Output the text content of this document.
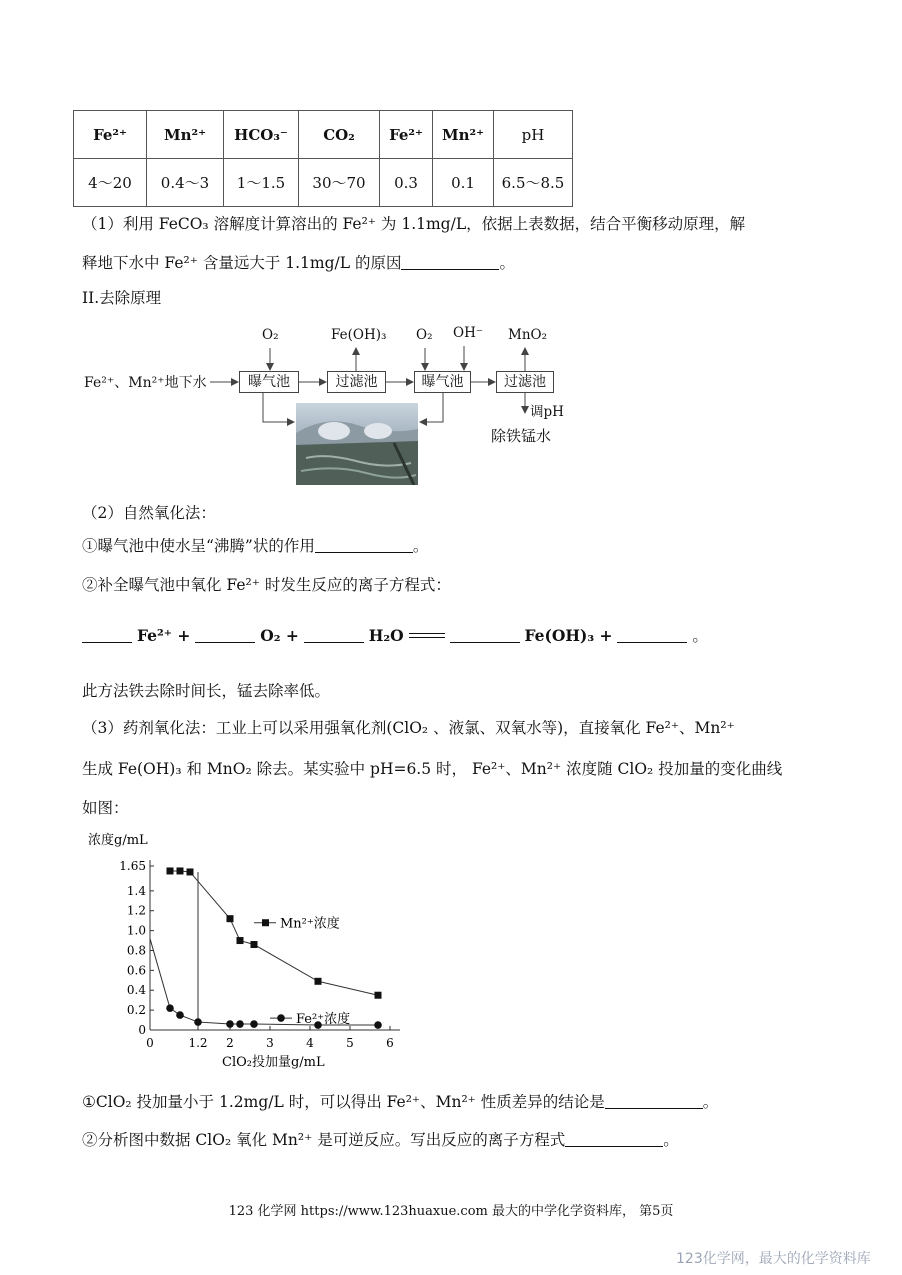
Fe²⁺	Mn²⁺	HCO₃⁻	CO₂	Fe²⁺	Mn²⁺	pH
4～20	0.4～3	1～1.5	30～70	0.3	0.1	6.5～8.5
（1）利用 FeCO₃ 溶解度计算溶出的 Fe²⁺ 为 1.1mg/L，依据上表数据，结合平衡移动原理，解
释地下水中 Fe²⁺ 含量远大于 1.1mg/L 的原因	。
II.去除原理
Fe²⁺、Mn²⁺地下水	曝气池	过滤池	曝气池	过滤池
O₂	Fe(OH)₃ O₂ OH⁻ MnO₂
调pH
除铁锰水
（2）自然氧化法：
①曝气池中使水呈“沸腾”状的作用	。
②补全曝气池中氧化 Fe²⁺ 时发生反应的离子方程式：
Fe²⁺ +	O₂ +	H₂O	Fe(OH)₃ +	。
此方法铁去除时间长，锰去除率低。
（3）药剂氧化法：工业上可以采用强氧化剂(ClO₂ 、液氯、双氧水等)，直接氧化 Fe²⁺、Mn²⁺
生成 Fe(OH)₃ 和 MnO₂ 除去。某实验中 pH=6.5 时， Fe²⁺、Mn²⁺ 浓度随 ClO₂ 投加量的变化曲线
如图：
浓度g/mL
ClO₂投加量g/mL
0
0.2
0.4
0.6
0.8
1.0
1.2
1.4
1.65
0	1.2 2	3	4	5	6
Mn²⁺浓度
Fe²⁺浓度
①ClO₂ 投加量小于 1.2mg/L 时，可以得出 Fe²⁺、Mn²⁺ 性质差异的结论是	。
②分析图中数据 ClO₂ 氧化 Mn²⁺ 是可逆反应。写出反应的离子方程式	。
123 化学网 https://www.123huaxue.com 最大的中学化学资料库， 第5页
123化学网，最大的化学资料库
